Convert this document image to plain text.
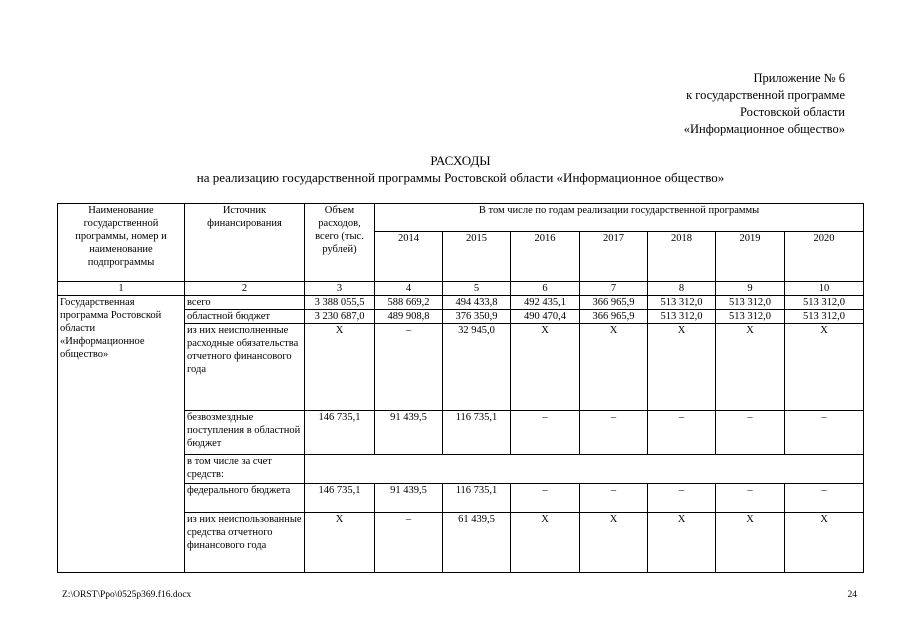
Приложение № 6
к государственной программе
Ростовской области
«Информационное общество»
РАСХОДЫ
на реализацию государственной программы Ростовской области «Информационное общество»
Наименование государственной программы, номер и наименование подпрограммы	Источник финансирования	Объем расходов, всего (тыс. рублей)	В том числе по годам реализации государственной программы						
			2014	2015	2016	2017	2018	2019	2020
1	2	3	4	5	6	7	8	9	10
Государственная программа Ростовской области «Информационное общество»	всего	3 388 055,5	588 669,2	494 433,8	492 435,1	366 965,9	513 312,0	513 312,0	513 312,0
	областной бюджет	3 230 687,0	489 908,8	376 350,9	490 470,4	366 965,9	513 312,0	513 312,0	513 312,0
	из них неисполненные расходные обязательства отчетного финансового года	X	–	32 945,0	X	X	X	X	X
	безвозмездные поступления в областной бюджет	146 735,1	91 439,5	116 735,1	–	–	–	–	–
	в том числе за счет средств:								
	федерального бюджета	146 735,1	91 439,5	116 735,1	–	–	–	–	–
	из них неиспользованные средства отчетного финансового года	X	–	61 439,5	X	X	X	X	X
Z:\ORST\Ppo\0525p369.f16.docx	24
